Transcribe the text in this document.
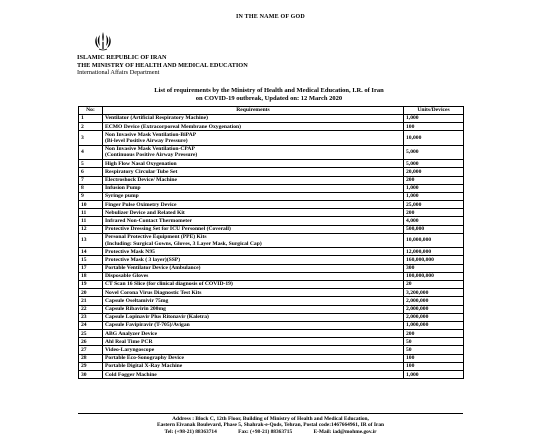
IN THE NAME OF GOD
ISLAMIC REPUBLIC OF IRAN
THE MINISTRY OF HEALTH AND MEDICAL EDUCATION
International Affairs Department
List of requirements by the Ministry of Health and Medical Education, I.R. of Iran
on COVID-19 outbreak, Updated on: 12 March 2020
No:	Requirements	Units/Devices
1	Ventilator (Artificial Respiratory Machine)	1,000
2	ECMO Device (Extracorporeal Membrane Oxygenation)	100
3	Non Invasive Mask Ventilation-BiPAP
(Bi-level Positive Airway Pressure)	10,000
4	Non Invasive Mask Ventilation-CPAP
(Continuous Positive Airway Pressure)	5,000
5	High Flow Nasal Oxygenation	5,000
6	Respiratory Circular Tube Set	20,000
7	Electroshock Device/ Machine	200
8	Infusion Pump	1,000
9	Syringe pump	1,000
10	Finger Pulse Oximetry Device	25,000
11	Nebulizer Device and Related Kit	200
11	Infrared Non-Contact Thermometer	4,000
12	Protective Dressing Set for ICU Personnel (Coverall)	500,000
13	Personal Protective Equipment (PPE) Kits
(Including: Surgical Gowns, Gloves, 3 Layer Mask, Surgical Cap)	10,000,000
14	Protective Mask N95	12,000,000
15	Protective Mask ( 3 layer)(SSP)	160,000,000
17	Portable Ventilator Device (Ambulance)	300
18	Disposable Gloves	100,000,000
19	CT Scan 16 Slice (for clinical diagnosis of COVID-19)	20
20	Novel Corona Virus Diagnostic Test Kits	3,200,000
21	Capsule Oseltamivir 75mg	2,000,000
22	Capsule Ribavirin 200mg	2,000,000
23	Capsule Lopinavir Plus Ritonavir (Kaletra)	2,000,000
24	Capsule Favipiravir (T-705)/Avigan	1,000,000
25	ABG Analyzer Device	200
26	Ahl Real Time PCR	50
27	Video-Laryngoscope	50
28	Portable Eco-Sonography Device	100
29	Portable Digital X-Ray Machine	100
30	Cold Fogger Machine	1,000
Address : Block C, 12th Floor, Building of Ministry of Health and Medical Education,
Eastern Eivanak Boulevard, Phase 5, Shahrak-e-Qods, Tehran, Postal code:1467664961, IR of Iran
Tel: (+98-21) 88363714	Fax: (+98-21) 88363715	E-Mail: iad@mohme.gov.ir
